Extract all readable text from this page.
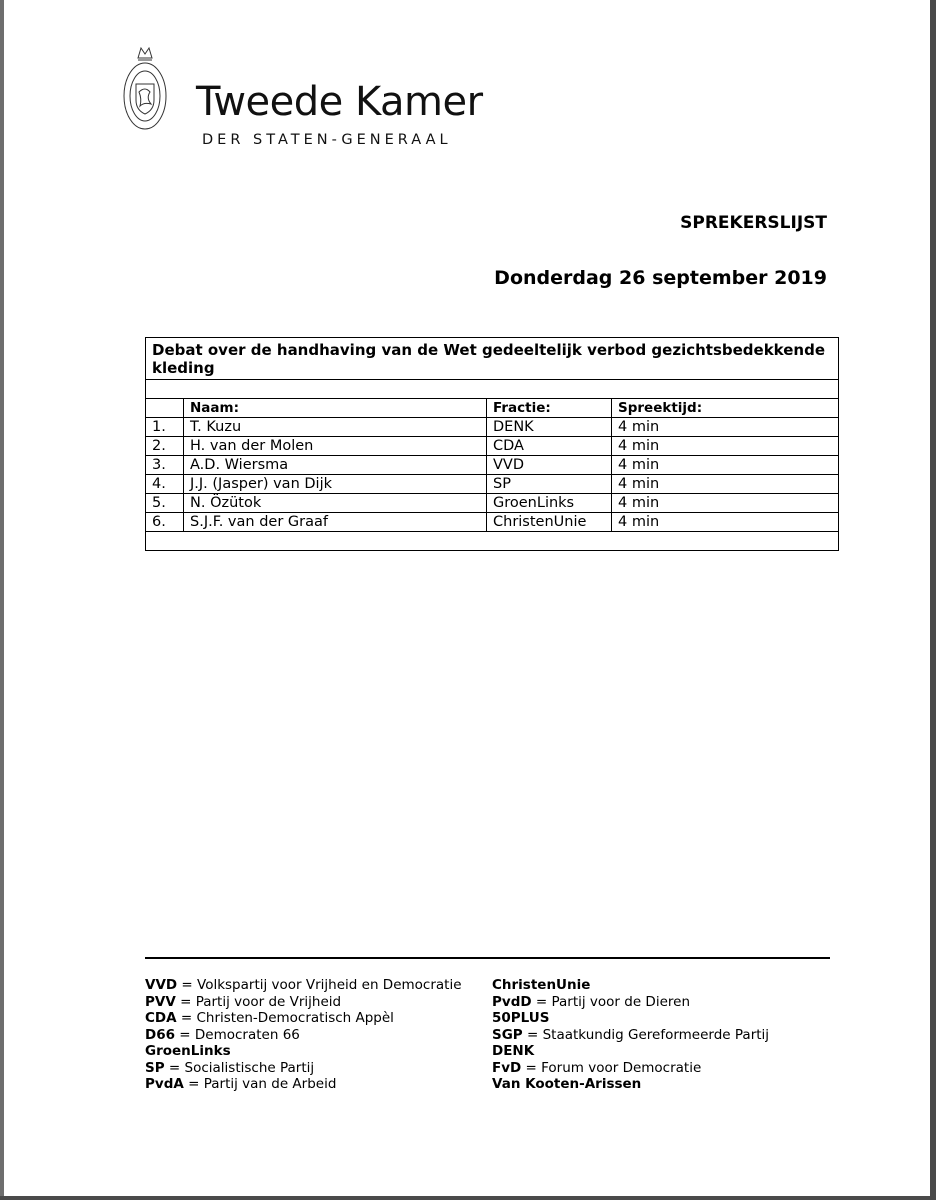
Tweede Kamer
DER STATEN-GENERAAL
SPREKERSLIJST
Donderdag 26 september 2019
Debat over de handhaving van de Wet gedeeltelijk verbod gezichtsbedekkende kleding			

	Naam:	Fractie:	Spreektijd:
1.	T. Kuzu	DENK	4 min
2.	H. van der Molen	CDA	4 min
3.	A.D. Wiersma	VVD	4 min
4.	J.J. (Jasper) van Dijk	SP	4 min
5.	N. Özütok	GroenLinks	4 min
6.	S.J.F. van der Graaf	ChristenUnie	4 min

VVD = Volkspartij voor Vrijheid en Democratie
PVV = Partij voor de Vrijheid
CDA = Christen-Democratisch Appèl
D66 = Democraten 66
GroenLinks
SP = Socialistische Partij
PvdA = Partij van de Arbeid
ChristenUnie
PvdD = Partij voor de Dieren
50PLUS
SGP = Staatkundig Gereformeerde Partij
DENK
FvD = Forum voor Democratie
Van Kooten-Arissen
